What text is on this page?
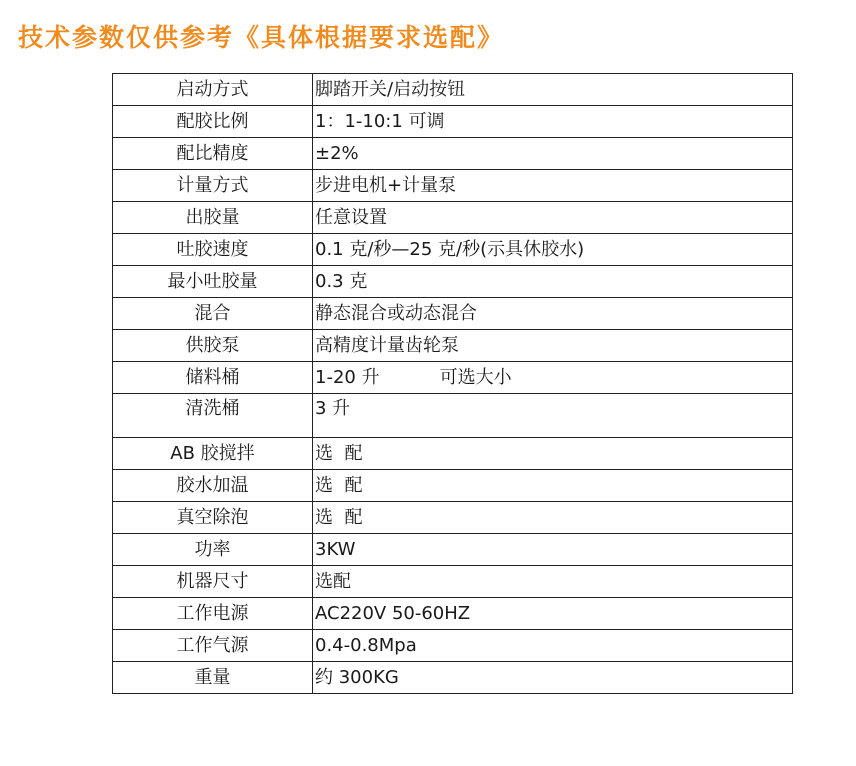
技术参数仅供参考《具体根据要求选配》
启动方式	脚踏开关/启动按钮
配胶比例	1：1-10:1 可调
配比精度	±2%
计量方式	步进电机+计量泵
出胶量	任意设置
吐胶速度	0.1 克/秒—25 克/秒(示具休胶水)
最小吐胶量	0.3 克
混合	静态混合或动态混合
供胶泵	高精度计量齿轮泵
储料桶	1-20 升 可选大小
清洗桶	3 升
AB 胶搅拌	选  配
胶水加温	选  配
真空除泡	选  配
功率	3KW
机器尺寸	选配
工作电源	AC220V 50-60HZ
工作气源	0.4-0.8Mpa
重量	约 300KG
